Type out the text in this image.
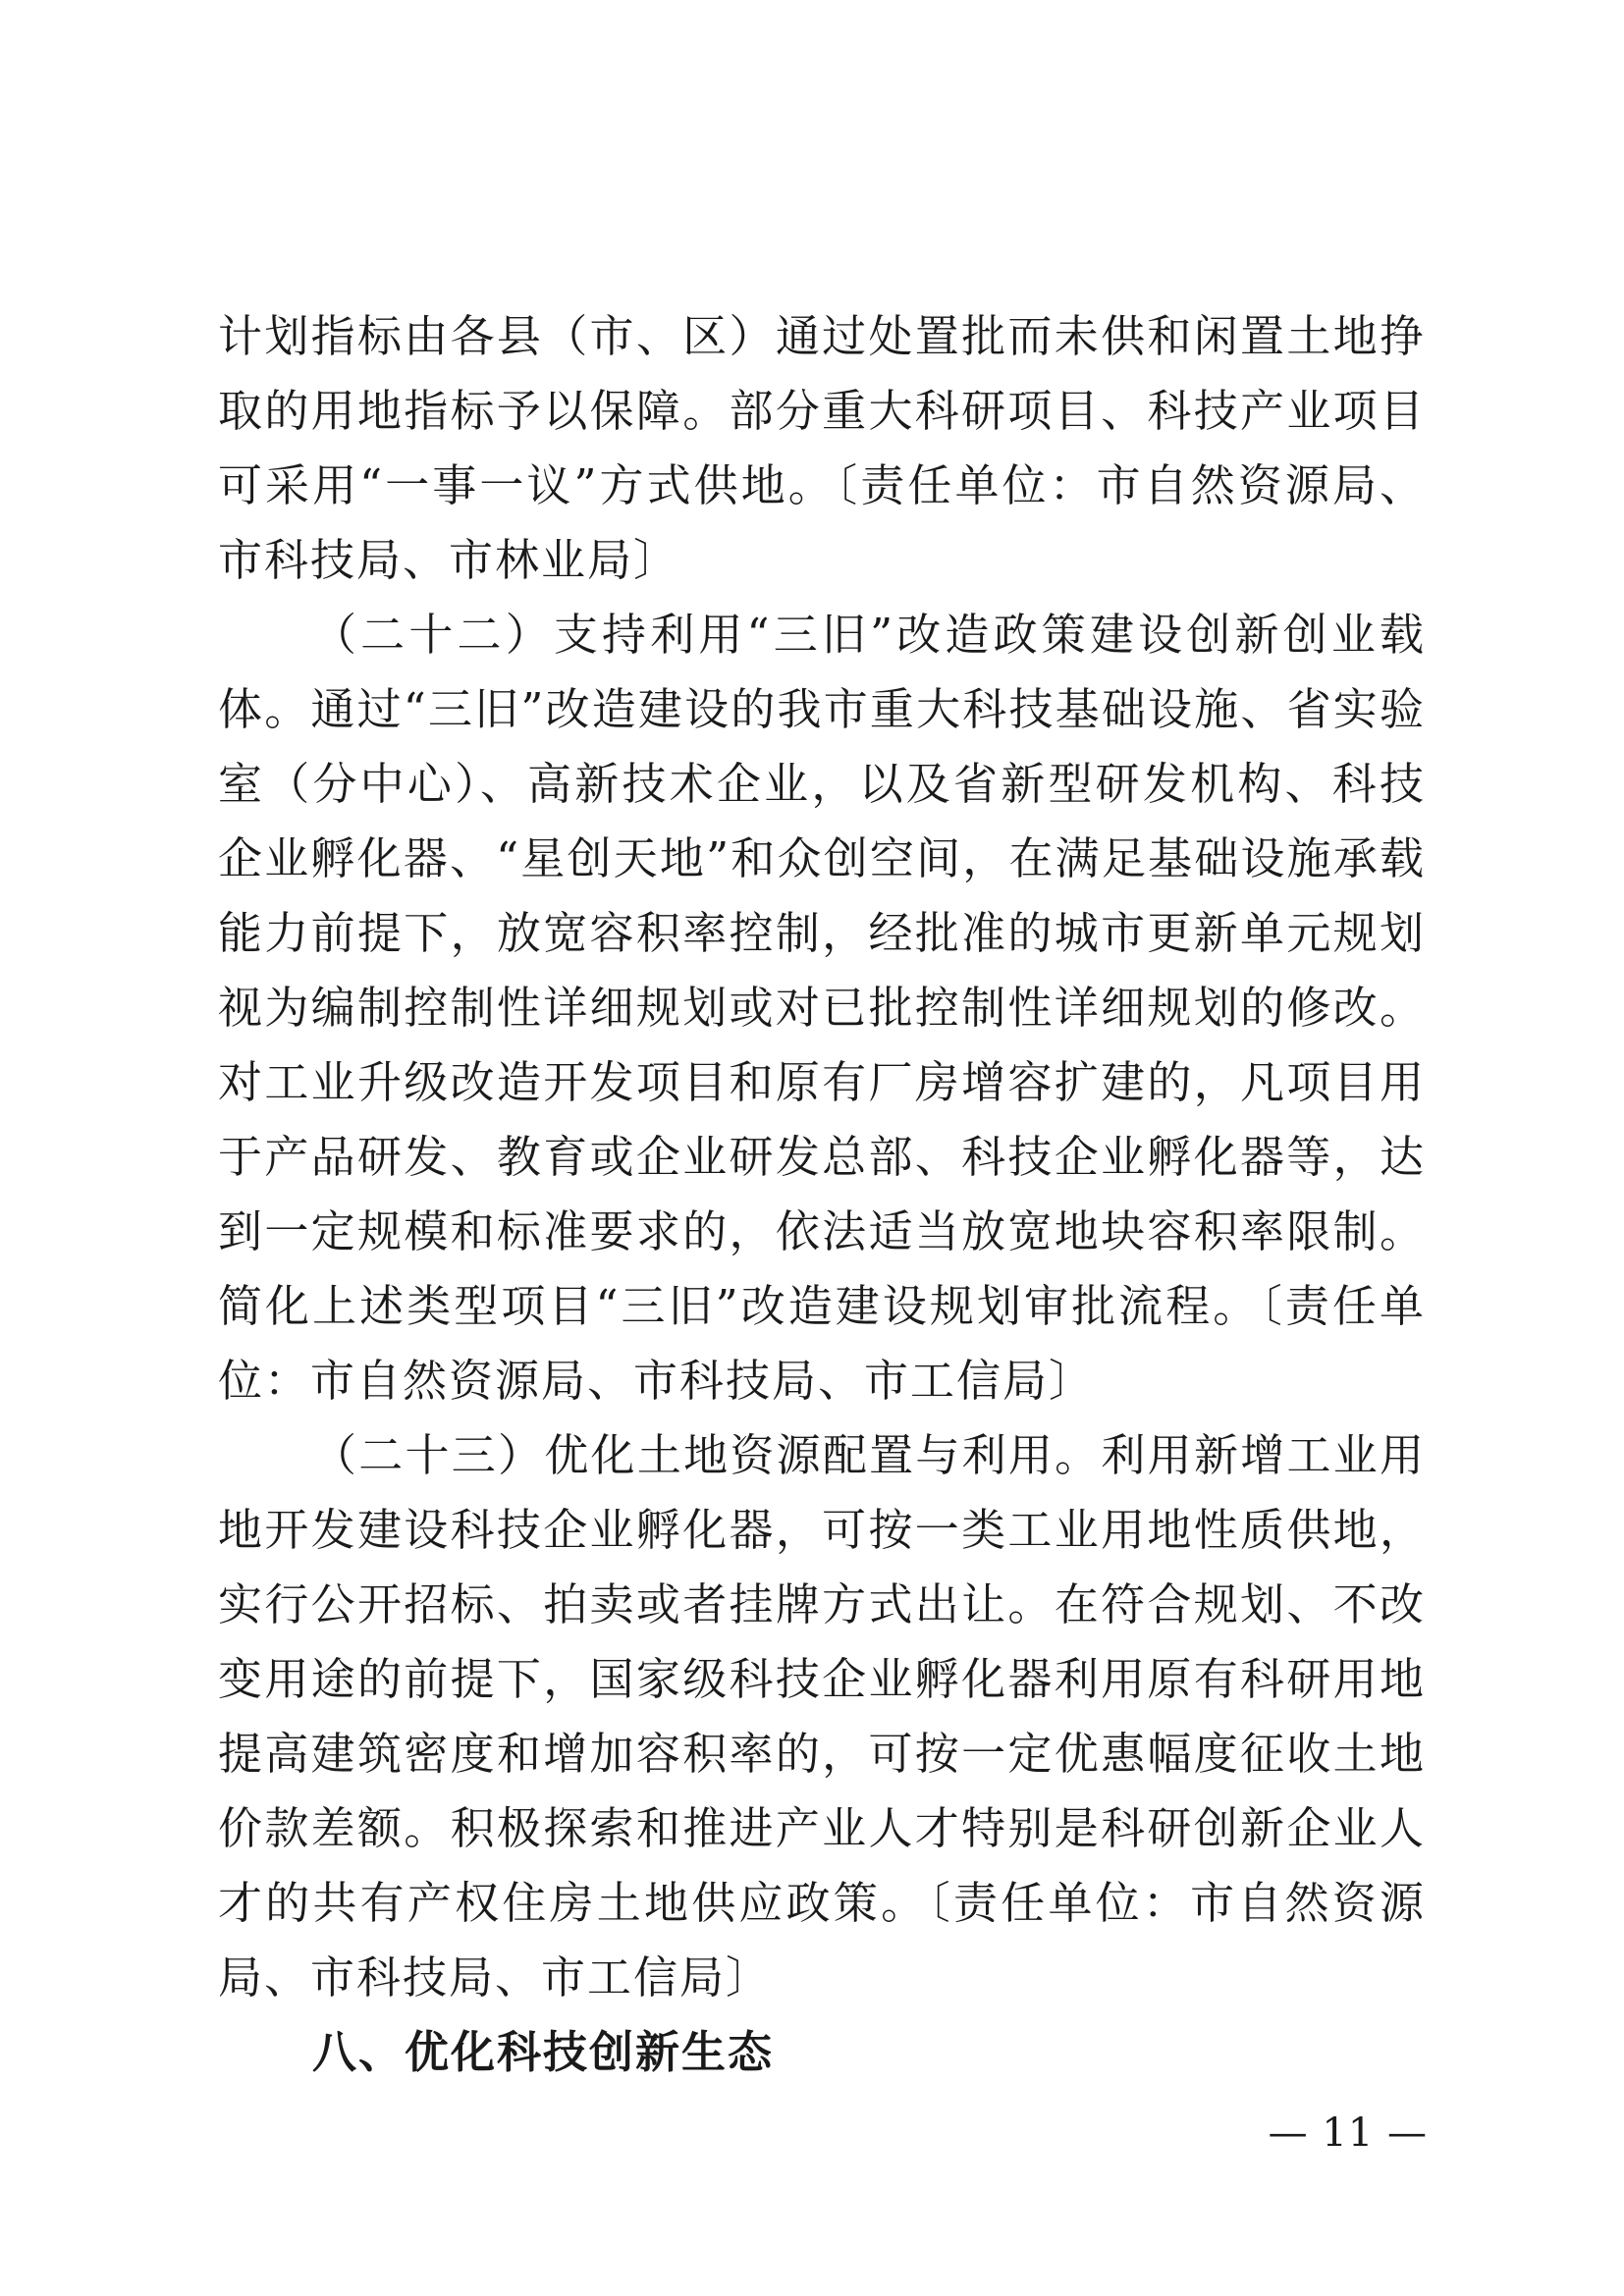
计划指标由各县（市、区）通过处置批而未供和闲置土地挣取的用地指标予以保障。部分重大科研项目、科技产业项目可采用“一事一议”方式供地。〔责任单位：市自然资源局、市科技局、市林业局〕

（二十二）支持利用“三旧”改造政策建设创新创业载体。通过“三旧”改造建设的我市重大科技基础设施、省实验室（分中心）、高新技术企业，以及省新型研发机构、科技企业孵化器、“星创天地”和众创空间，在满足基础设施承载能力前提下，放宽容积率控制，经批准的城市更新单元规划视为编制控制性详细规划或对已批控制性详细规划的修改。对工业升级改造开发项目和原有厂房增容扩建的，凡项目用于产品研发、教育或企业研发总部、科技企业孵化器等，达到一定规模和标准要求的，依法适当放宽地块容积率限制。简化上述类型项目“三旧”改造建设规划审批流程。〔责任单位：市自然资源局、市科技局、市工信局〕

（二十三）优化土地资源配置与利用。利用新增工业用地开发建设科技企业孵化器，可按一类工业用地性质供地，实行公开招标、拍卖或者挂牌方式出让。在符合规划、不改变用途的前提下，国家级科技企业孵化器利用原有科研用地提高建筑密度和增加容积率的，可按一定优惠幅度征收土地价款差额。积极探索和推进产业人才特别是科研创新企业人才的共有产权住房土地供应政策。〔责任单位：市自然资源局、市科技局、市工信局〕

八、优化科技创新生态

— 11 —
